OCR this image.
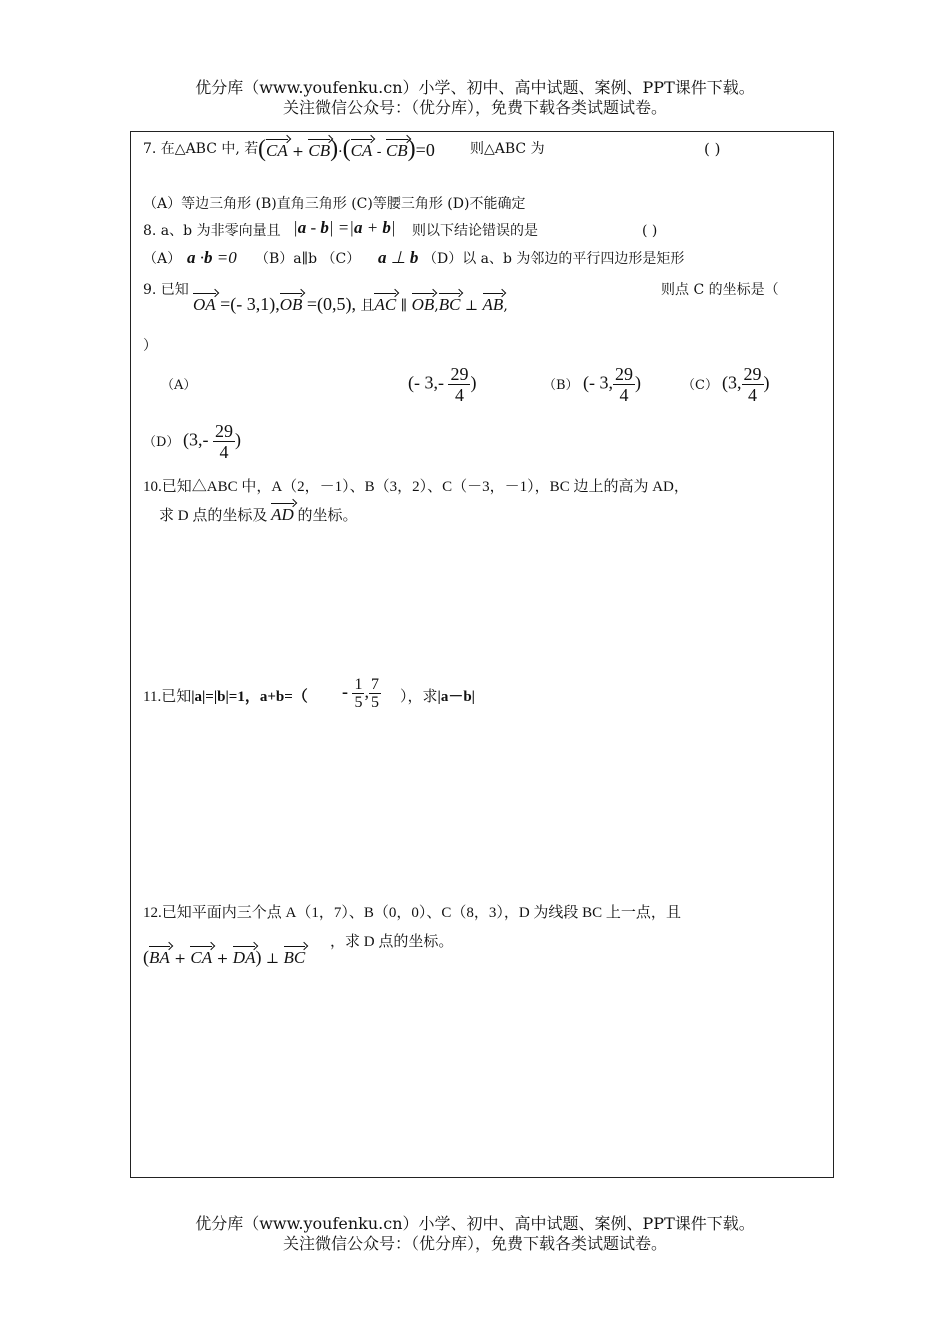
优分库（www.youfenku.cn）小学、初中、高中试题、案例、PPT课件下载。
关注微信公众号：（优分库），免费下载各类试题试卷。
7. 在△ABC 中, 若 (CA + CB)·(CA - CB)=0	则△ABC 为	( )
（A）等边三角形 (B)直角三角形 (C)等腰三角形 (D)不能确定
8. a、b 为非零向量且 |a - b| =|a + b| 则以下结论错误的是	( )
（A） a ·b =0 （B）a∥b （C） a ⊥ b （D）以 a、b 为邻边的平行四边形是矩形
9. 已知
OA =(- 3,1),OB =(0,5), 且AC ∥ OB,BC ⊥ AB,
则点 C 的坐标是（
）
（A）	(- $3,- \frac{29}{4}$ )	（B） (- 3, $\frac{29}{4}$ )	（C） (3, $\frac{29}{4}$ )
（D） ($3,- \frac{29}{4}$ )
10.已知△ABC 中，A（2，－1）、B（3，2）、C（－3，－1），BC 边上的高为 AD，
求 D 点的坐标及 AD 的坐标。
11.已知|a|=|b|=1，$a+b=( - \frac{1}{5}$ , $\frac{7}{5}$ ），求|a－b|
12.已知平面内三个点 A（1，7）、B（0，0）、C（8，3），D 为线段 BC 上一点，且
(BA + CA + DA) ⊥ BC
，求 D 点的坐标。
优分库（www.youfenku.cn）小学、初中、高中试题、案例、PPT课件下载。
关注微信公众号：（优分库），免费下载各类试题试卷。
